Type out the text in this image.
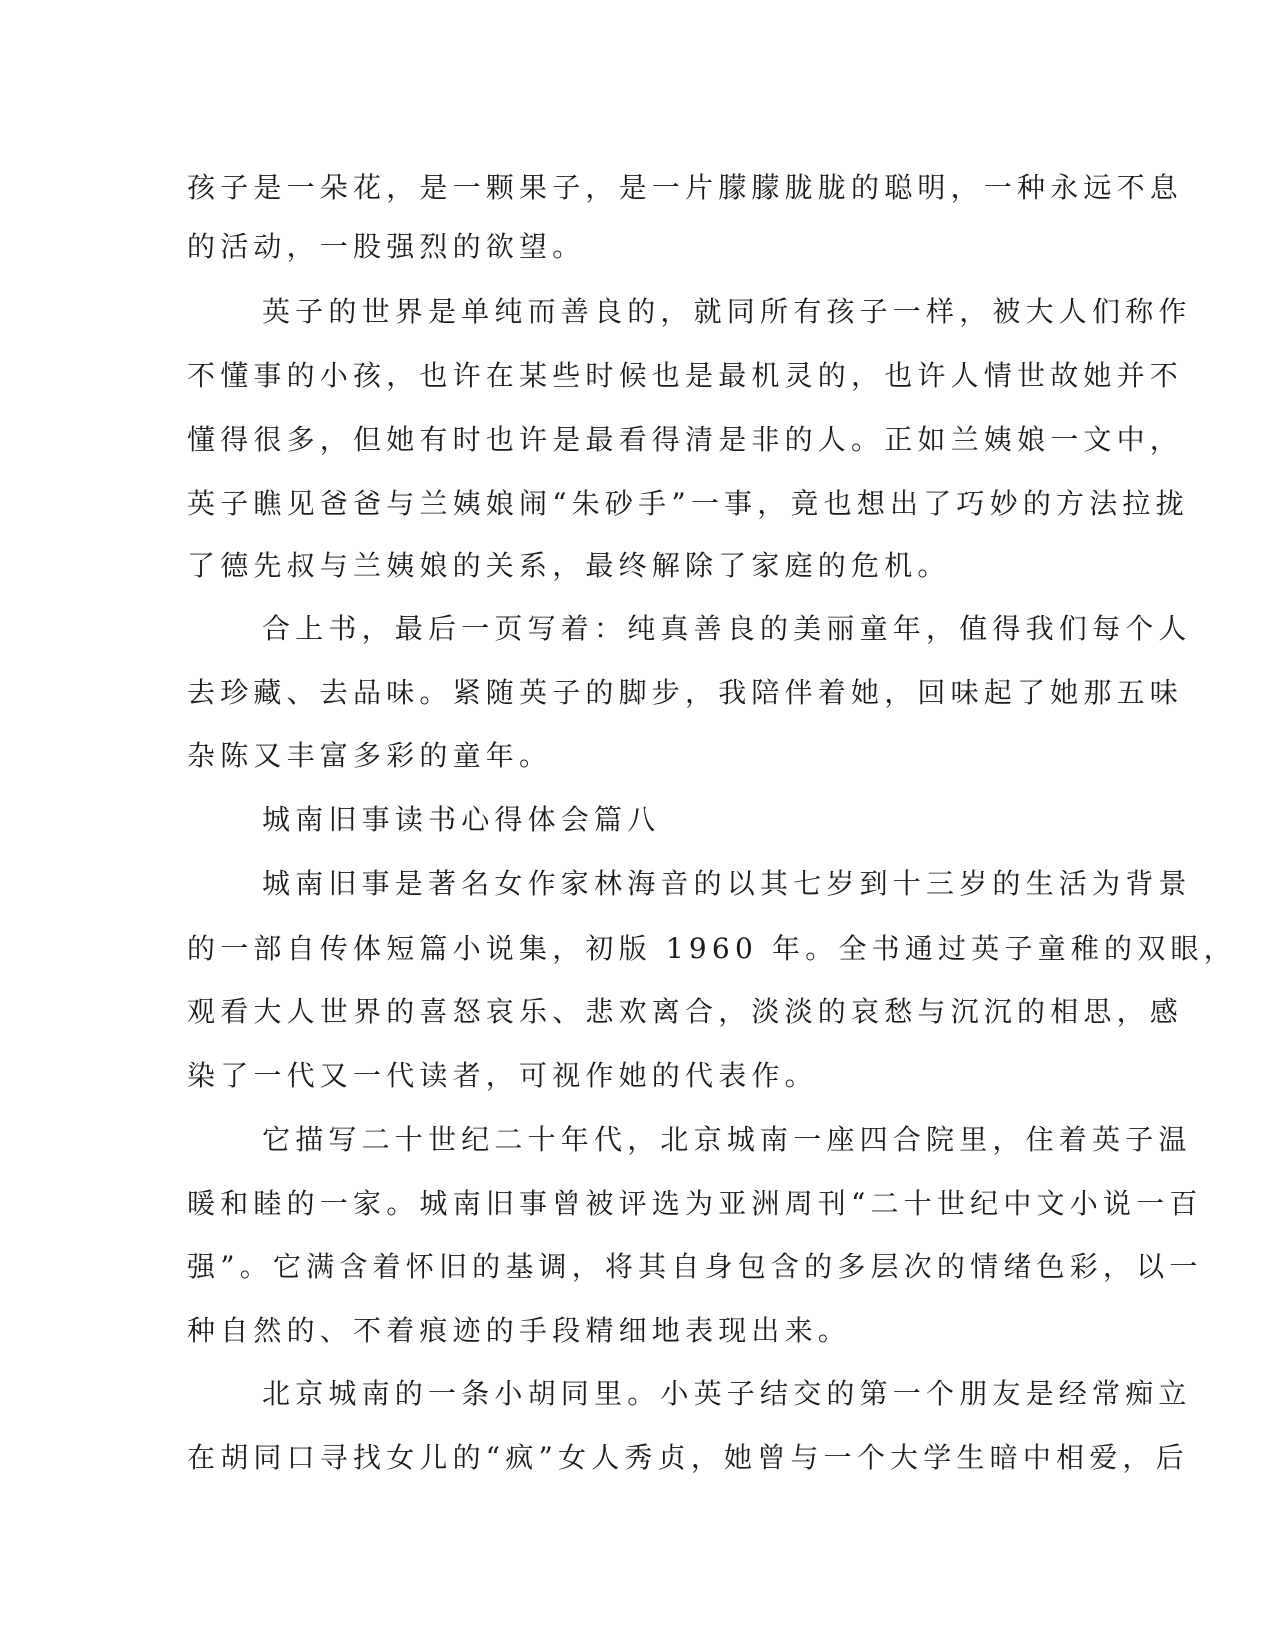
孩子是一朵花，是一颗果子，是一片朦朦胧胧的聪明，一种永远不息
的活动，一股强烈的欲望。
英子的世界是单纯而善良的，就同所有孩子一样，被大人们称作
不懂事的小孩，也许在某些时候也是最机灵的，也许人情世故她并不
懂得很多，但她有时也许是最看得清是非的人。正如兰姨娘一文中，
英子瞧见爸爸与兰姨娘闹“朱砂手”一事，竟也想出了巧妙的方法拉拢
了德先叔与兰姨娘的关系，最终解除了家庭的危机。
合上书，最后一页写着：纯真善良的美丽童年，值得我们每个人
去珍藏、去品味。紧随英子的脚步，我陪伴着她，回味起了她那五味
杂陈又丰富多彩的童年。
城南旧事读书心得体会篇八
城南旧事是著名女作家林海音的以其七岁到十三岁的生活为背景
的一部自传体短篇小说集，初版 1960 年。全书通过英子童稚的双眼，
观看大人世界的喜怒哀乐、悲欢离合，淡淡的哀愁与沉沉的相思，感
染了一代又一代读者，可视作她的代表作。
它描写二十世纪二十年代，北京城南一座四合院里，住着英子温
暖和睦的一家。城南旧事曾被评选为亚洲周刊“二十世纪中文小说一百
强”。它满含着怀旧的基调，将其自身包含的多层次的情绪色彩，以一
种自然的、不着痕迹的手段精细地表现出来。
北京城南的一条小胡同里。小英子结交的第一个朋友是经常痴立
在胡同口寻找女儿的“疯”女人秀贞，她曾与一个大学生暗中相爱，后
